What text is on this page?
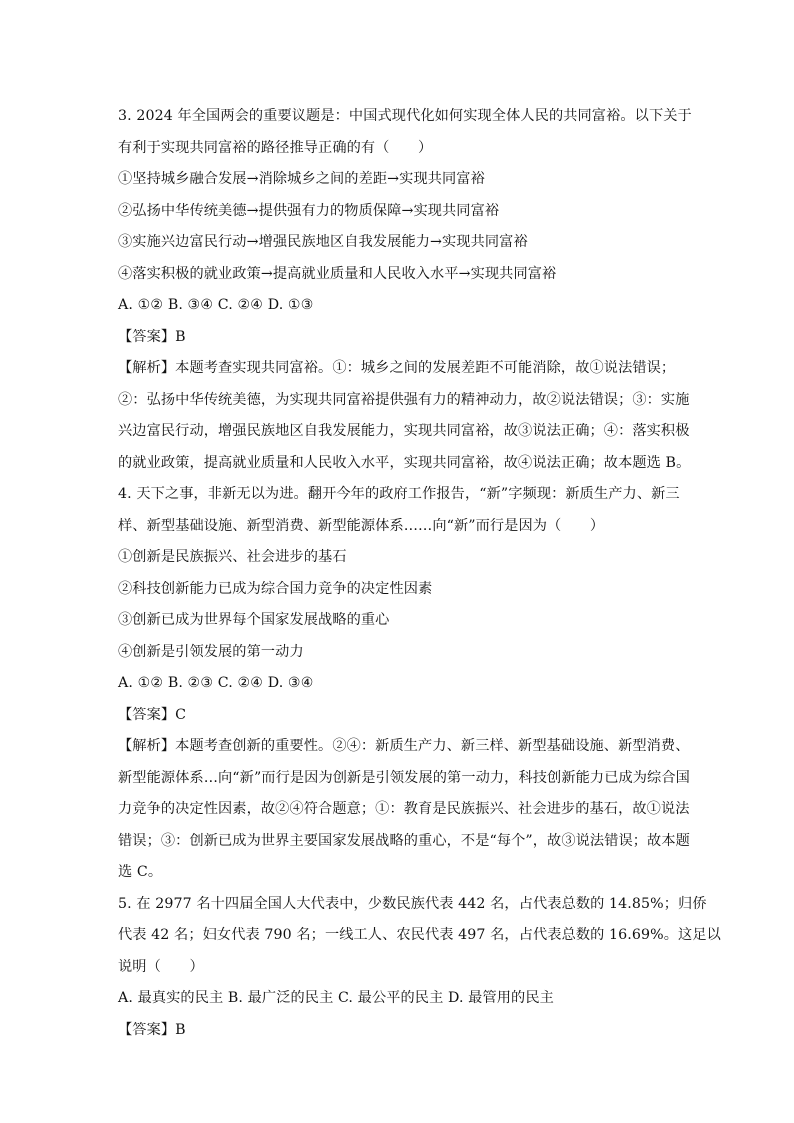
3. 2024 年全国两会的重要议题是：中国式现代化如何实现全体人民的共同富裕。以下关于
有利于实现共同富裕的路径推导正确的有（　　）
①坚持城乡融合发展→消除城乡之间的差距→实现共同富裕
②弘扬中华传统美德→提供强有力的物质保障→实现共同富裕
③实施兴边富民行动→增强民族地区自我发展能力→实现共同富裕
④落实积极的就业政策→提高就业质量和人民收入水平→实现共同富裕
A. ①② B. ③④ C. ②④ D. ①③
【答案】B
【解析】本题考查实现共同富裕。①：城乡之间的发展差距不可能消除，故①说法错误；
②：弘扬中华传统美德，为实现共同富裕提供强有力的精神动力，故②说法错误；③：实施
兴边富民行动，增强民族地区自我发展能力，实现共同富裕，故③说法正确；④：落实积极
的就业政策，提高就业质量和人民收入水平，实现共同富裕，故④说法正确；故本题选 B。
4. 天下之事，非新无以为进。翻开今年的政府工作报告，“新”字频现：新质生产力、新三
样、新型基础设施、新型消费、新型能源体系……向“新”而行是因为（　　）
①创新是民族振兴、社会进步的基石
②科技创新能力已成为综合国力竞争的决定性因素
③创新已成为世界每个国家发展战略的重心
④创新是引领发展的第一动力
A. ①② B. ②③ C. ②④ D. ③④
【答案】C
【解析】本题考查创新的重要性。②④：新质生产力、新三样、新型基础设施、新型消费、
新型能源体系…向“新”而行是因为创新是引领发展的第一动力，科技创新能力已成为综合国
力竞争的决定性因素，故②④符合题意；①：教育是民族振兴、社会进步的基石，故①说法
错误；③：创新已成为世界主要国家发展战略的重心，不是“每个”，故③说法错误；故本题
选 C。
5. 在 2977 名十四届全国人大代表中，少数民族代表 442 名，占代表总数的 14.85%；归侨
代表 42 名；妇女代表 790 名；一线工人、农民代表 497 名，占代表总数的 16.69%。这足以
说明（　　）
A. 最真实的民主 B. 最广泛的民主 C. 最公平的民主 D. 最管用的民主
【答案】B
